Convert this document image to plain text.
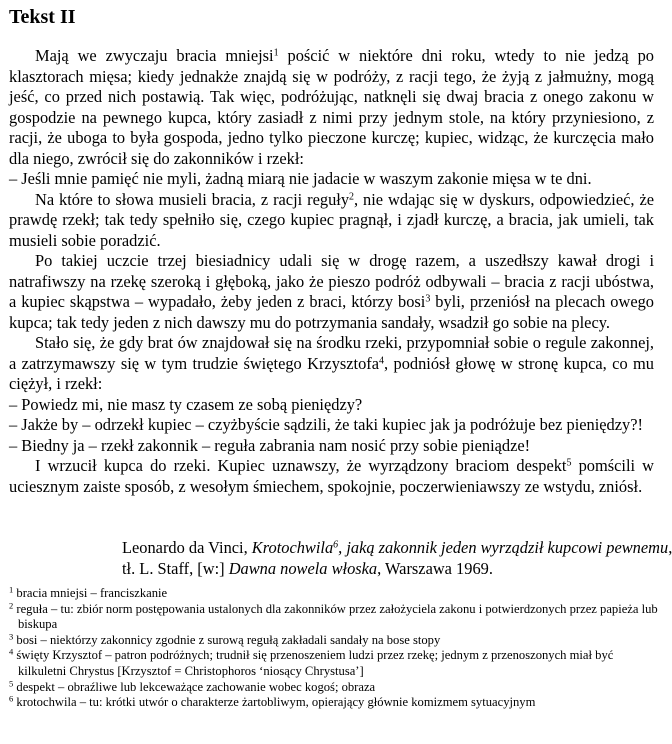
Tekst II

Mają we zwyczaju bracia mniejsi$^1$ pościć w niektóre dni roku, wtedy to nie jedzą po klasztorach mięsa; kiedy jednakże znajdą się w podróży, z racji tego, że żyją z jałmużny, mogą jeść, co przed nich postawią. Tak więc, podróżując, natknęli się dwaj bracia z onego zakonu w gospodzie na pewnego kupca, który zasiadł z nimi przy jednym stole, na który przyniesiono, z racji, że uboga to była gospoda, jedno tylko pieczone kurczę; kupiec, widząc, że kurczęcia mało dla niego, zwrócił się do zakonników i rzekł:

– Jeśli mnie pamięć nie myli, żadną miarą nie jadacie w waszym zakonie mięsa w te dni.

Na które to słowa musieli bracia, z racji reguły$^2$, nie wdając się w dyskurs, odpowiedzieć, że prawdę rzekł; tak tedy spełniło się, czego kupiec pragnął, i zjadł kurczę, a bracia, jak umieli, tak musieli sobie poradzić.

Po takiej uczcie trzej biesiadnicy udali się w drogę razem, a uszedłszy kawał drogi i natrafiwszy na rzekę szeroką i głęboką, jako że pieszo podróż odbywali – bracia z racji ubóstwa, a kupiec skąpstwa – wypadało, żeby jeden z braci, którzy bosi$^3$ byli, przeniósł na plecach owego kupca; tak tedy jeden z nich dawszy mu do potrzymania sandały, wsadził go sobie na plecy.

Stało się, że gdy brat ów znajdował się na środku rzeki, przypomniał sobie o regule zakonnej, a zatrzymawszy się w tym trudzie świętego Krzysztofa$^4$, podniósł głowę w stronę kupca, co mu ciężył, i rzekł:

– Powiedz mi, nie masz ty czasem ze sobą pieniędzy?

– Jakże by – odrzekł kupiec – czyżbyście sądzili, że taki kupiec jak ja podróżuje bez pieniędzy?!

– Biedny ja – rzekł zakonnik – reguła zabrania nam nosić przy sobie pieniądze!

I wrzucił kupca do rzeki. Kupiec uznawszy, że wyrządzony braciom despekt$^5$ pomścili w uciesznym zaiste sposób, z wesołym śmiechem, spokojnie, poczerwieniawszy ze wstydu, zniósł.

Leonardo da Vinci, Krotochwila$^6$, jaką zakonnik jeden wyrządził kupcowi pewnemu,
tł. L. Staff, [w:] Dawna nowela włoska, Warszawa 1969.
$^1$ bracia mniejsi – franciszkanie
$^2$ reguła – tu: zbiór norm postępowania ustalonych dla zakonników przez założyciela zakonu i potwierdzonych przez papieża lub biskupa
$^3$ bosi – niektórzy zakonnicy zgodnie z surową regułą zakładali sandały na bose stopy
$^4$ święty Krzysztof – patron podróżnych; trudnił się przenoszeniem ludzi przez rzekę; jednym z przenoszonych miał być kilkuletni Chrystus [Krzysztof = Christophoros ‘niosący Chrystusa’]
$^5$ despekt – obraźliwe lub lekceważące zachowanie wobec kogoś; obraza
$^6$ krotochwila – tu: krótki utwór o charakterze żartobliwym, opierający głównie komizmem sytuacyjnym
